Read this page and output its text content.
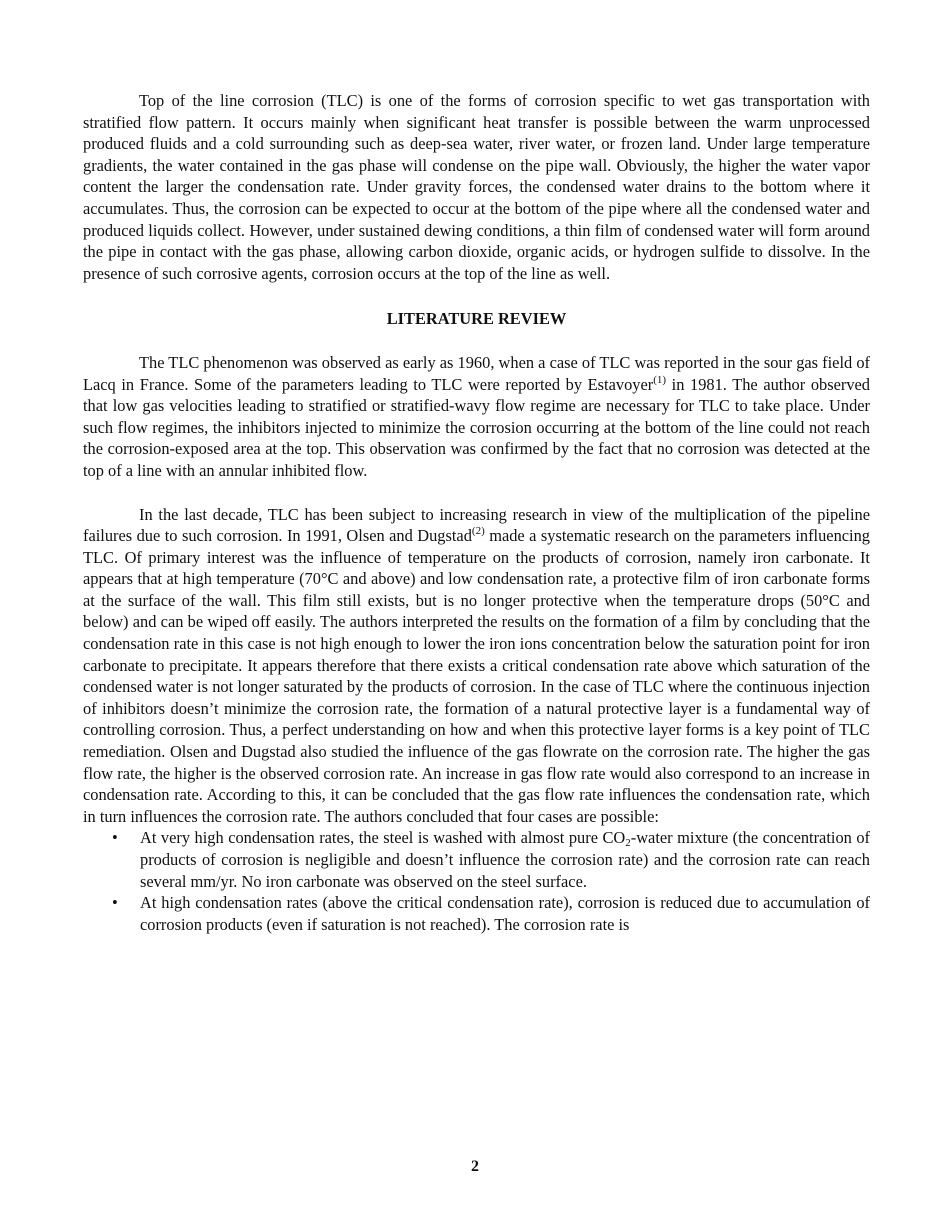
Top of the line corrosion (TLC) is one of the forms of corrosion specific to wet gas transportation with stratified flow pattern. It occurs mainly when significant heat transfer is possible between the warm unprocessed produced fluids and a cold surrounding such as deep-sea water, river water, or frozen land. Under large temperature gradients, the water contained in the gas phase will condense on the pipe wall. Obviously, the higher the water vapor content the larger the condensation rate. Under gravity forces, the condensed water drains to the bottom where it accumulates. Thus, the corrosion can be expected to occur at the bottom of the pipe where all the condensed water and produced liquids collect. However, under sustained dewing conditions, a thin film of condensed water will form around the pipe in contact with the gas phase, allowing carbon dioxide, organic acids, or hydrogen sulfide to dissolve. In the presence of such corrosive agents, corrosion occurs at the top of the line as well.

LITERATURE REVIEW

The TLC phenomenon was observed as early as 1960, when a case of TLC was reported in the sour gas field of Lacq in France. Some of the parameters leading to TLC were reported by Estavoyer$^{(1)}$ in 1981. The author observed that low gas velocities leading to stratified or stratified-wavy flow regime are necessary for TLC to take place. Under such flow regimes, the inhibitors injected to minimize the corrosion occurring at the bottom of the line could not reach the corrosion-exposed area at the top. This observation was confirmed by the fact that no corrosion was detected at the top of a line with an annular inhibited flow.

In the last decade, TLC has been subject to increasing research in view of the multiplication of the pipeline failures due to such corrosion. In 1991, Olsen and Dugstad$^{(2)}$ made a systematic research on the parameters influencing TLC. Of primary interest was the influence of temperature on the products of corrosion, namely iron carbonate. It appears that at high temperature (70°C and above) and low condensation rate, a protective film of iron carbonate forms at the surface of the wall. This film still exists, but is no longer protective when the temperature drops (50°C and below) and can be wiped off easily. The authors interpreted the results on the formation of a film by concluding that the condensation rate in this case is not high enough to lower the iron ions concentration below the saturation point for iron carbonate to precipitate. It appears therefore that there exists a critical condensation rate above which saturation of the condensed water is not longer saturated by the products of corrosion. In the case of TLC where the continuous injection of inhibitors doesn’t minimize the corrosion rate, the formation of a natural protective layer is a fundamental way of controlling corrosion. Thus, a perfect understanding on how and when this protective layer forms is a key point of TLC remediation. Olsen and Dugstad also studied the influence of the gas flowrate on the corrosion rate. The higher the gas flow rate, the higher is the observed corrosion rate. An increase in gas flow rate would also correspond to an increase in condensation rate. According to this, it can be concluded that the gas flow rate influences the condensation rate, which in turn influences the corrosion rate. The authors concluded that four cases are possible:

• At very high condensation rates, the steel is washed with almost pure $CO_2$-water mixture (the concentration of products of corrosion is negligible and doesn’t influence the corrosion rate) and the corrosion rate can reach several mm/yr. No iron carbonate was observed on the steel surface.
• At high condensation rates (above the critical condensation rate), corrosion is reduced due to accumulation of corrosion products (even if saturation is not reached). The corrosion rate is
2
